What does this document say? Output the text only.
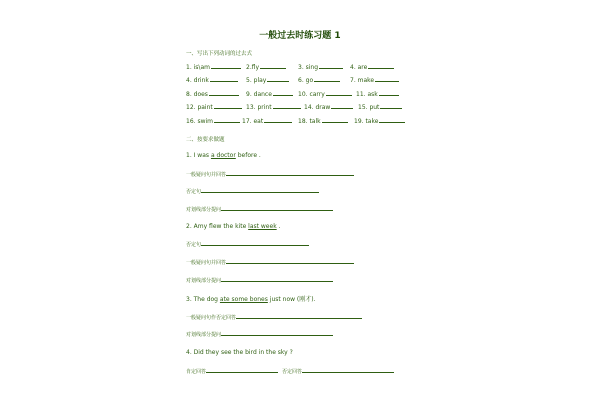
一般过去时练习题 1
一、写出下列动词的过去式
1. is\am	2.fly	3. sing	4. are
4. drink	5. play	6. go	7. make
8. does	9. dance	10. carry	11. ask
12. paint	13. print	14. draw	15. put
16. swim	17. eat	18. talk	19. take
二、按要求做题
1. I was a doctor before .
一般疑问句并回答
否定句
对划线部分提问
2. Amy flew the kite last week .
否定句
一般疑问句并回答
对划线部分提问
3. The dog ate some bones just now (刚才).
一般疑问句作否定回答
对划线部分提问
4. Did they see the bird in the sky ?
肯定回答	否定回答
